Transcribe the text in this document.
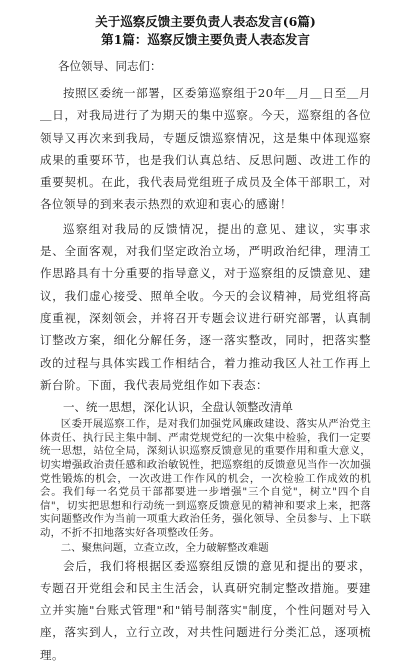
关于巡察反馈主要负责人表态发言(6篇)

第1篇：巡察反馈主要负责人表态发言

各位领导、同志们：

按照区委统一部署，区委第巡察组于20年＿月＿日至＿月＿日，对我局进行了为期天的集中巡察。今天，巡察组的各位领导又再次来到我局，专题反馈巡察情况，这是集中体现巡察成果的重要环节，也是我们认真总结、反思问题、改进工作的重要契机。在此，我代表局党组班子成员及全体干部职工，对各位领导的到来表示热烈的欢迎和衷心的感谢！

巡察组对我局的反馈情况，提出的意见、建议，实事求是、全面客观，对我们坚定政治立场，严明政治纪律，理清工作思路具有十分重要的指导意义，对于巡察组的反馈意见、建议，我们虚心接受、照单全收。今天的会议精神，局党组将高度重视，深刻领会，并将召开专题会议进行研究部署，认真制订整改方案，细化分解任务，逐一落实整改，同时，把落实整改的过程与具体实践工作相结合，着力推动我区人社工作再上新台阶。下面，我代表局党组作如下表态：

一、统一思想，深化认识，全盘认领整改清单

区委开展巡察工作，是对我们加强党风廉政建设、落实从严治党主体责任、执行民主集中制、严肃党规党纪的一次集中检验，我们一定要统一思想，站位全局，深刻认识巡察反馈意见的重要作用和重大意义，切实增强政治责任感和政治敏锐性，把巡察组的反馈意见当作一次加强党性锻炼的机会，一次改进工作作风的机会，一次检验工作成效的机会。我们每一名党员干部都要进一步增强"三个自觉"，树立"四个自信"，切实把思想和行动统一到巡察反馈意见的精神和要求上来，把落实问题整改作为当前一项重大政治任务，强化领导、全员参与、上下联动，不折不扣地落实好各项整改任务。

二、聚焦问题，立查立改，全力破解整改难题

会后，我们将根据区委巡察组反馈的意见和提出的要求，专题召开党组会和民主生活会，认真研究制定整改措施。要建立并实施"台账式管理"和"销号制落实"制度，个性问题对号入座，落实到人，立行立改，对共性问题进行分类汇总，逐项梳理。
